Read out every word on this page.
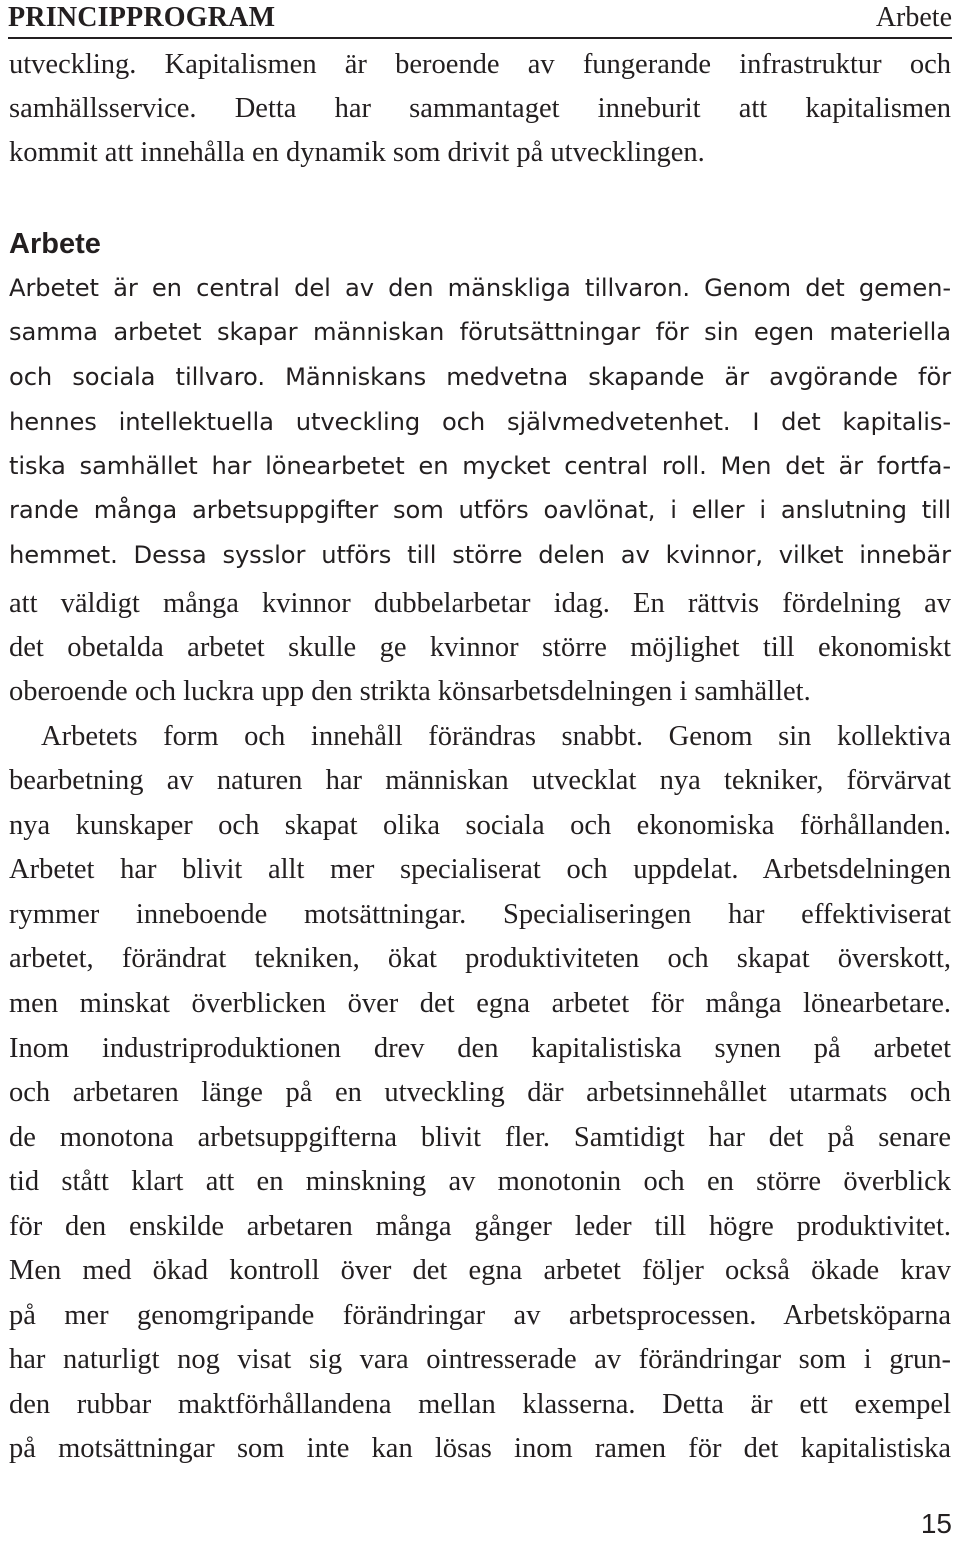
PRINCIPPROGRAM	Arbete
utveckling. Kapitalismen är beroende av fungerande infrastruktur och
samhällsservice. Detta har sammantaget inneburit att kapitalismen
kommit att innehålla en dynamik som drivit på utvecklingen.
Arbete
Arbetet är en central del av den mänskliga tillvaron. Genom det gemen-
samma arbetet skapar människan förutsättningar för sin egen materiella
och sociala tillvaro. Människans medvetna skapande är avgörande för
hennes intellektuella utveckling och självmedvetenhet. I det kapitalis-
tiska samhället har lönearbetet en mycket central roll. Men det är fortfa-
rande många arbetsuppgifter som utförs oavlönat, i eller i anslutning till
hemmet. Dessa sysslor utförs till större delen av kvinnor, vilket innebär
att väldigt många kvinnor dubbelarbetar idag. En rättvis fördelning av
det obetalda arbetet skulle ge kvinnor större möjlighet till ekonomiskt
oberoende och luckra upp den strikta könsarbetsdelningen i samhället.
Arbetets form och innehåll förändras snabbt. Genom sin kollektiva
bearbetning av naturen har människan utvecklat nya tekniker, förvärvat
nya kunskaper och skapat olika sociala och ekonomiska förhållanden.
Arbetet har blivit allt mer specialiserat och uppdelat. Arbetsdelningen
rymmer inneboende motsättningar. Specialiseringen har effektiviserat
arbetet, förändrat tekniken, ökat produktiviteten och skapat överskott,
men minskat överblicken över det egna arbetet för många lönearbetare.
Inom industriproduktionen drev den kapitalistiska synen på arbetet
och arbetaren länge på en utveckling där arbetsinnehållet utarmats och
de monotona arbetsuppgifterna blivit fler. Samtidigt har det på senare
tid stått klart att en minskning av monotonin och en större överblick
för den enskilde arbetaren många gånger leder till högre produktivitet.
Men med ökad kontroll över det egna arbetet följer också ökade krav
på mer genomgripande förändringar av arbetsprocessen. Arbetsköparna
har naturligt nog visat sig vara ointresserade av förändringar som i grun-
den rubbar maktförhållandena mellan klasserna. Detta är ett exempel
på motsättningar som inte kan lösas inom ramen för det kapitalistiska
15
